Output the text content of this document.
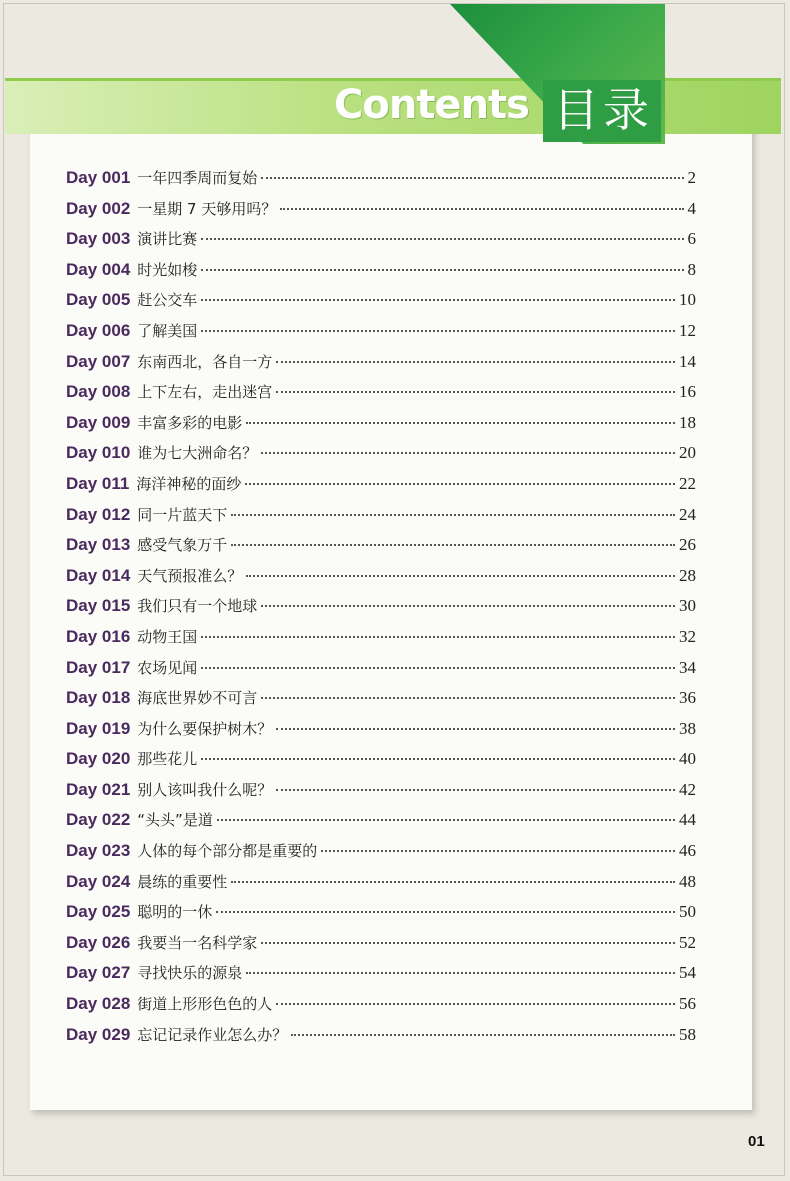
Contents 目录
Day 001 一年四季周而复始	2
Day 002 一星期 7 天够用吗？	4
Day 003 演讲比赛	6
Day 004 时光如梭	8
Day 005 赶公交车	10
Day 006 了解美国	12
Day 007 东南西北，各自一方	14
Day 008 上下左右，走出迷宫	16
Day 009 丰富多彩的电影	18
Day 010 谁为七大洲命名？	20
Day 011 海洋神秘的面纱	22
Day 012 同一片蓝天下	24
Day 013 感受气象万千	26
Day 014 天气预报准么？	28
Day 015 我们只有一个地球	30
Day 016 动物王国	32
Day 017 农场见闻	34
Day 018 海底世界妙不可言	36
Day 019 为什么要保护树木？	38
Day 020 那些花儿	40
Day 021 别人该叫我什么呢？	42
Day 022 “头头”是道	44
Day 023 人体的每个部分都是重要的	46
Day 024 晨练的重要性	48
Day 025 聪明的一休	50
Day 026 我要当一名科学家	52
Day 027 寻找快乐的源泉	54
Day 028 街道上形形色色的人	56
Day 029 忘记记录作业怎么办？	58
01
